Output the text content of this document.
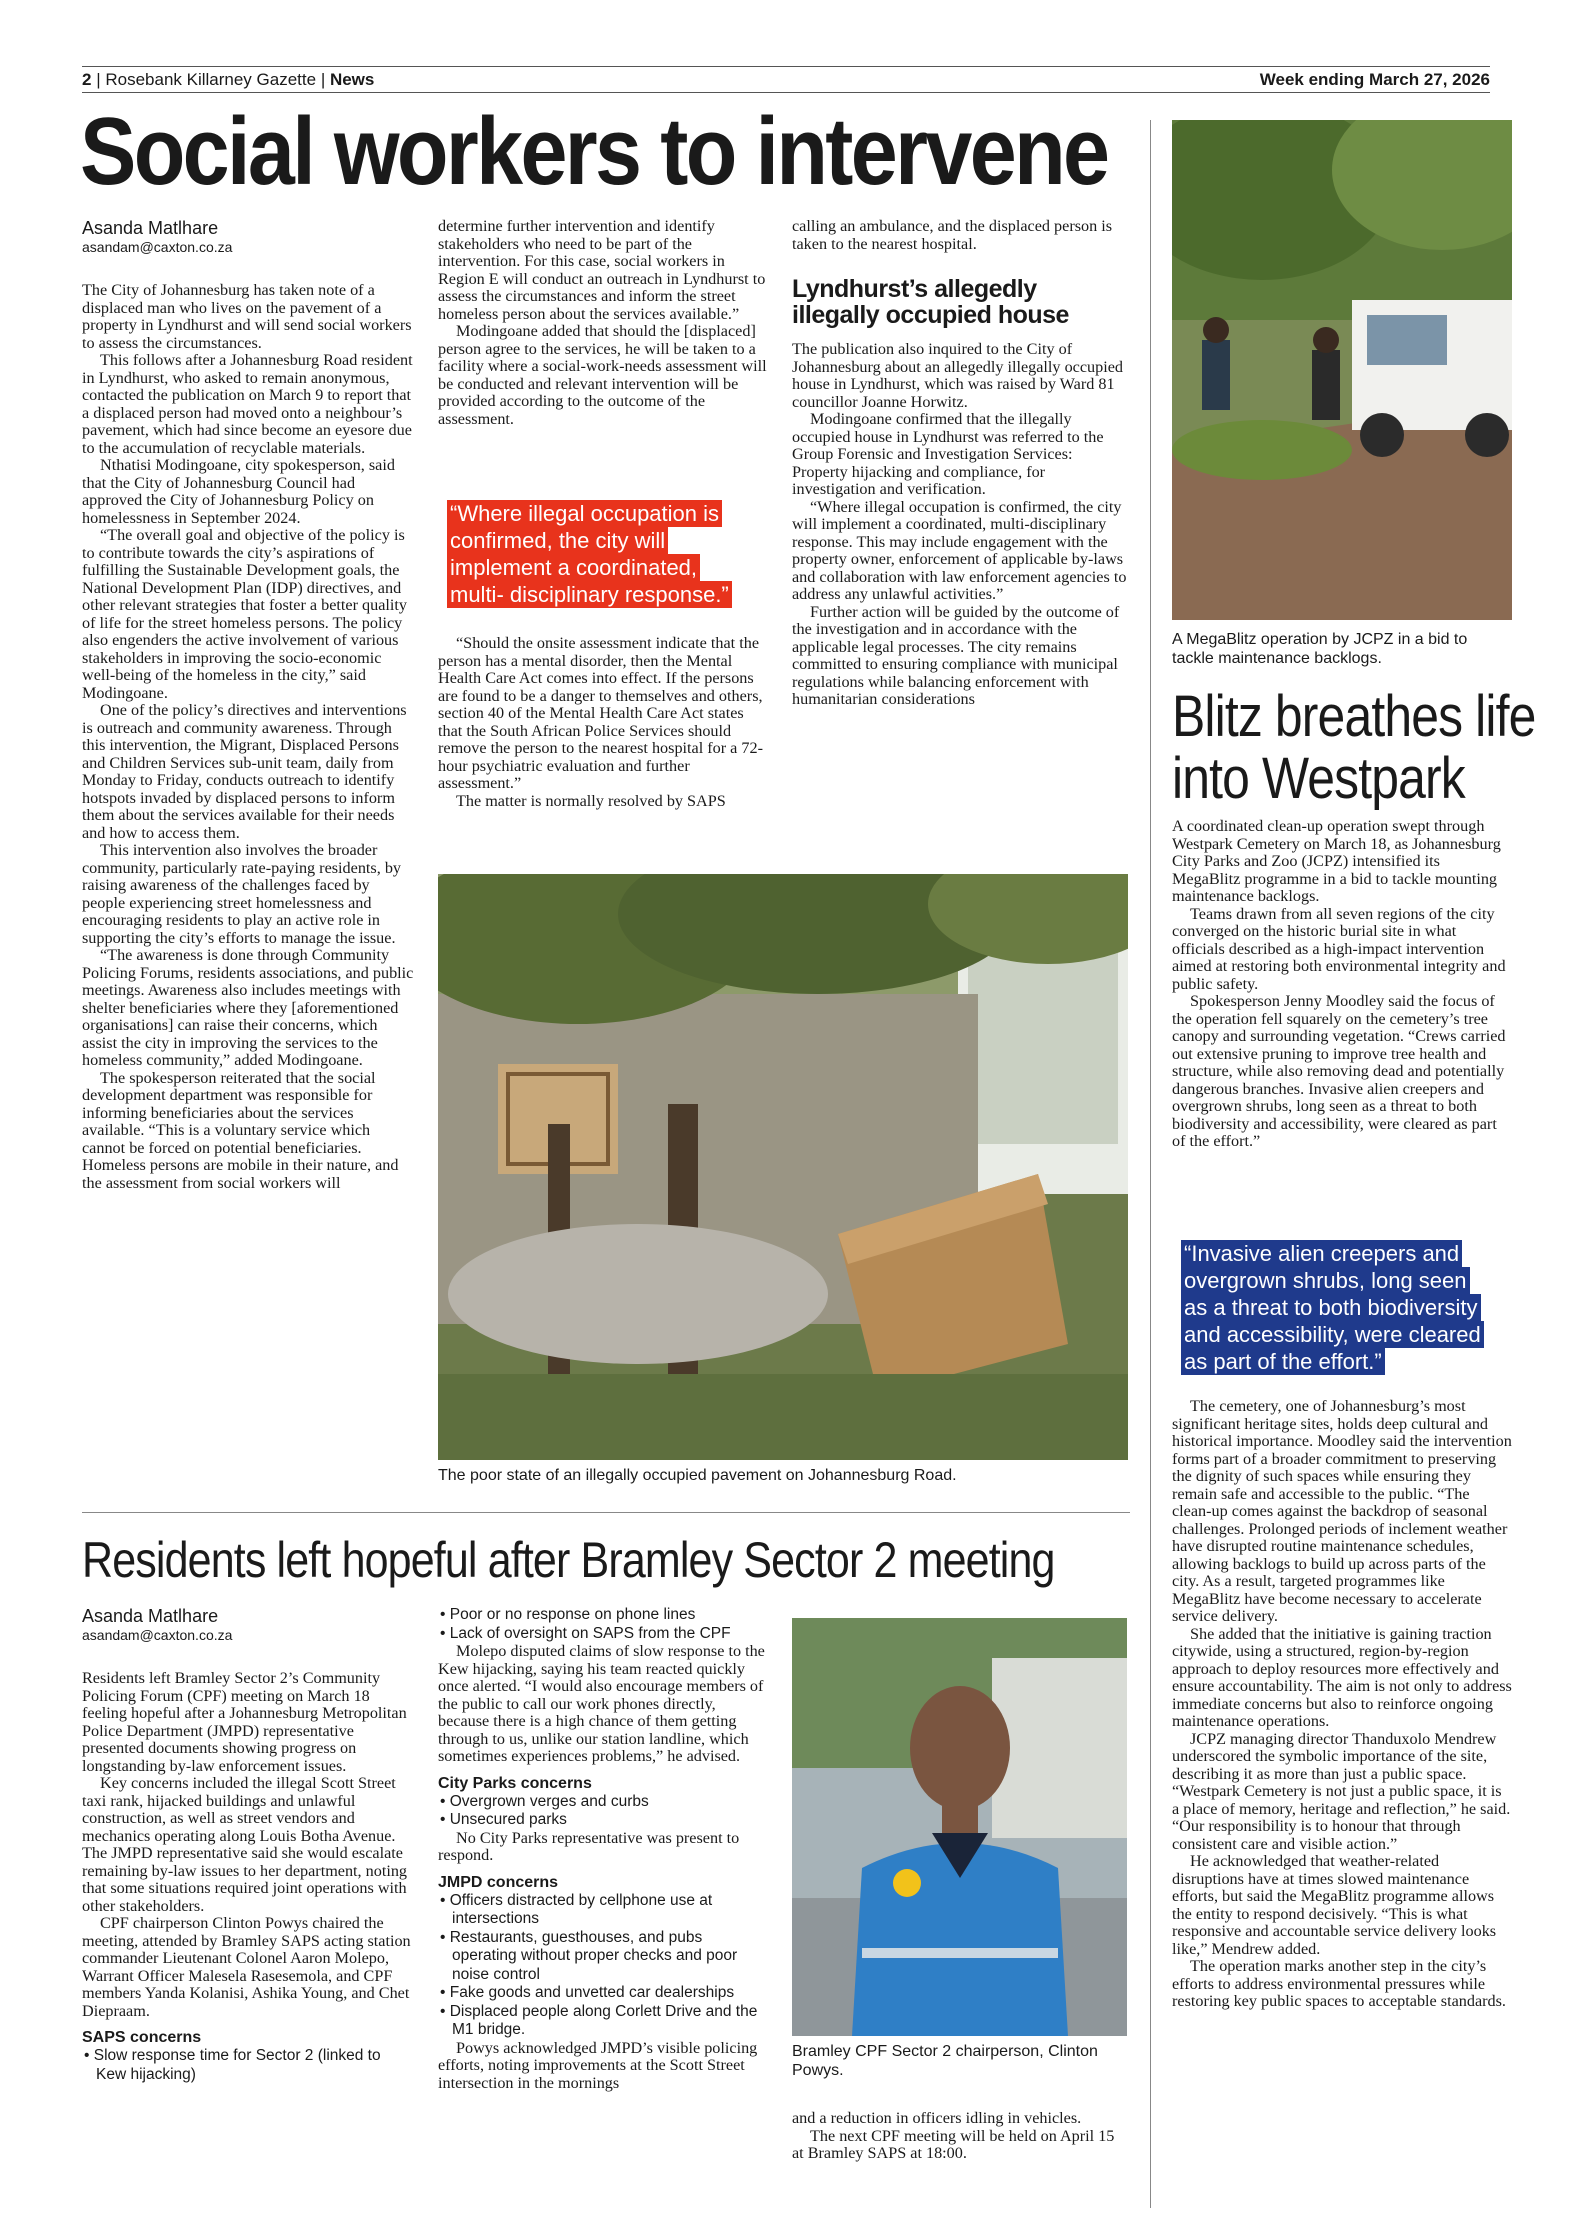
2 | Rosebank Killarney Gazette | News	Week ending March 27, 2026
Social workers to intervene
Asanda Matlhare
asandam@caxton.co.za

The City of Johannesburg has taken note of a displaced man who lives on the pavement of a property in Lyndhurst and will send social workers to assess the circumstances.

This follows after a Johannesburg Road resident in Lyndhurst, who asked to remain anonymous, contacted the publication on March 9 to report that a displaced person had moved onto a neighbour’s pavement, which had since become an eyesore due to the accumulation of recyclable materials.

Nthatisi Modingoane, city spokesperson, said that the City of Johannesburg Council had approved the City of Johannesburg Policy on homelessness in September 2024.

“The overall goal and objective of the policy is to contribute towards the city’s aspirations of fulfilling the Sustainable Development goals, the National Development Plan (IDP) directives, and other relevant strategies that foster a better quality of life for the street homeless persons. The policy also engenders the active involvement of various stakeholders in improving the socio-economic well-being of the homeless in the city,” said Modingoane.

One of the policy’s directives and interventions is outreach and community awareness. Through this intervention, the Migrant, Displaced Persons and Children Services sub-unit team, daily from Monday to Friday, conducts outreach to identify hotspots invaded by displaced persons to inform them about the services available for their needs and how to access them.

This intervention also involves the broader community, particularly rate-paying residents, by raising awareness of the challenges faced by people experiencing street homelessness and encouraging residents to play an active role in supporting the city’s efforts to manage the issue.

“The awareness is done through Community Policing Forums, residents associations, and public meetings. Awareness also includes meetings with shelter beneficiaries where they [aforementioned organisations] can raise their concerns, which assist the city in improving the services to the homeless community,” added Modingoane.

The spokesperson reiterated that the social development department was responsible for informing beneficiaries about the services available. “This is a voluntary service which cannot be forced on potential beneficiaries. Homeless persons are mobile in their nature, and the assessment from social workers will

determine further intervention and identify stakeholders who need to be part of the intervention. For this case, social workers in Region E will conduct an outreach in Lyndhurst to assess the circumstances and inform the street homeless person about the services available.”

Modingoane added that should the [displaced] person agree to the services, he will be taken to a facility where a social-work-needs assessment will be conducted and relevant intervention will be provided according to the outcome of the assessment.

“Where illegal occupation is confirmed, the city will implement a coordinated, multi- disciplinary response.”

“Should the onsite assessment indicate that the person has a mental disorder, then the Mental Health Care Act comes into effect. If the persons are found to be a danger to themselves and others, section 40 of the Mental Health Care Act states that the South African Police Services should remove the person to the nearest hospital for a 72-hour psychiatric evaluation and further assessment.”

The matter is normally resolved by SAPS

calling an ambulance, and the displaced person is taken to the nearest hospital.

Lyndhurst’s allegedly illegally occupied house

The publication also inquired to the City of Johannesburg about an allegedly illegally occupied house in Lyndhurst, which was raised by Ward 81 councillor Joanne Horwitz.

Modingoane confirmed that the illegally occupied house in Lyndhurst was referred to the Group Forensic and Investigation Services: Property hijacking and compliance, for investigation and verification.

“Where illegal occupation is confirmed, the city will implement a coordinated, multi-disciplinary response. This may include engagement with the property owner, enforcement of applicable by-laws and collaboration with law enforcement agencies to address any unlawful activities.”

Further action will be guided by the outcome of the investigation and in accordance with the applicable legal processes. The city remains committed to ensuring compliance with municipal regulations while balancing enforcement with humanitarian considerations

The poor state of an illegally occupied pavement on Johannesburg Road.
A MegaBlitz operation by JCPZ in a bid to tackle maintenance backlogs.
Blitz breathes life
into Westpark

A coordinated clean-up operation swept through Westpark Cemetery on March 18, as Johannesburg City Parks and Zoo (JCPZ) intensified its MegaBlitz programme in a bid to tackle mounting maintenance backlogs.

Teams drawn from all seven regions of the city converged on the historic burial site in what officials described as a high-impact intervention aimed at restoring both environmental integrity and public safety.

Spokesperson Jenny Moodley said the focus of the operation fell squarely on the cemetery’s tree canopy and surrounding vegetation. “Crews carried out extensive pruning to improve tree health and structure, while also removing dead and potentially dangerous branches. Invasive alien creepers and overgrown shrubs, long seen as a threat to both biodiversity and accessibility, were cleared as part of the effort.”

“Invasive alien creepers and overgrown shrubs, long seen as a threat to both biodiversity and accessibility, were cleared as part of the effort.”

The cemetery, one of Johannesburg’s most significant heritage sites, holds deep cultural and historical importance. Moodley said the intervention forms part of a broader commitment to preserving the dignity of such spaces while ensuring they remain safe and accessible to the public. “The clean-up comes against the backdrop of seasonal challenges. Prolonged periods of inclement weather have disrupted routine maintenance schedules, allowing backlogs to build up across parts of the city. As a result, targeted programmes like MegaBlitz have become necessary to accelerate service delivery.

She added that the initiative is gaining traction citywide, using a structured, region-by-region approach to deploy resources more effectively and ensure accountability. The aim is not only to address immediate concerns but also to reinforce ongoing maintenance operations.

JCPZ managing director Thanduxolo Mendrew underscored the symbolic importance of the site, describing it as more than just a public space. “Westpark Cemetery is not just a public space, it is a place of memory, heritage and reflection,” he said. “Our responsibility is to honour that through consistent care and visible action.”

He acknowledged that weather-related disruptions have at times slowed maintenance efforts, but said the MegaBlitz programme allows the entity to respond decisively. “This is what responsive and accountable service delivery looks like,” Mendrew added.

The operation marks another step in the city’s efforts to address environmental pressures while restoring key public spaces to acceptable standards.

Residents left hopeful after Bramley Sector 2 meeting
Asanda Matlhare
asandam@caxton.co.za

Residents left Bramley Sector 2’s Community Policing Forum (CPF) meeting on March 18 feeling hopeful after a Johannesburg Metropolitan Police Department (JMPD) representative presented documents showing progress on longstanding by-law enforcement issues.

Key concerns included the illegal Scott Street taxi rank, hijacked buildings and unlawful construction, as well as street vendors and mechanics operating along Louis Botha Avenue. The JMPD representative said she would escalate remaining by-law issues to her department, noting that some situations required joint operations with other stakeholders.

CPF chairperson Clinton Powys chaired the meeting, attended by Bramley SAPS acting station commander Lieutenant Colonel Aaron Molepo, Warrant Officer Malesela Rasesemola, and CPF members Yanda Kolanisi, Ashika Young, and Chet Diepraam.

SAPS concerns
• Slow response time for Sector 2 (linked to Kew hijacking)
• Poor or no response on phone lines
• Lack of oversight on SAPS from the CPF

Molepo disputed claims of slow response to the Kew hijacking, saying his team reacted quickly once alerted. “I would also encourage members of the public to call our work phones directly, because there is a high chance of them getting through to us, unlike our station landline, which sometimes experiences problems,” he advised.

City Parks concerns
• Overgrown verges and curbs
• Unsecured parks

No City Parks representative was present to respond.

JMPD concerns
• Officers distracted by cellphone use at intersections
• Restaurants, guesthouses, and pubs operating without proper checks and poor noise control
• Fake goods and unvetted car dealerships
• Displaced people along Corlett Drive and the M1 bridge.

Powys acknowledged JMPD’s visible policing efforts, noting improvements at the Scott Street intersection in the mornings

Bramley CPF Sector 2 chairperson, Clinton Powys.

and a reduction in officers idling in vehicles.

The next CPF meeting will be held on April 15 at Bramley SAPS at 18:00.
